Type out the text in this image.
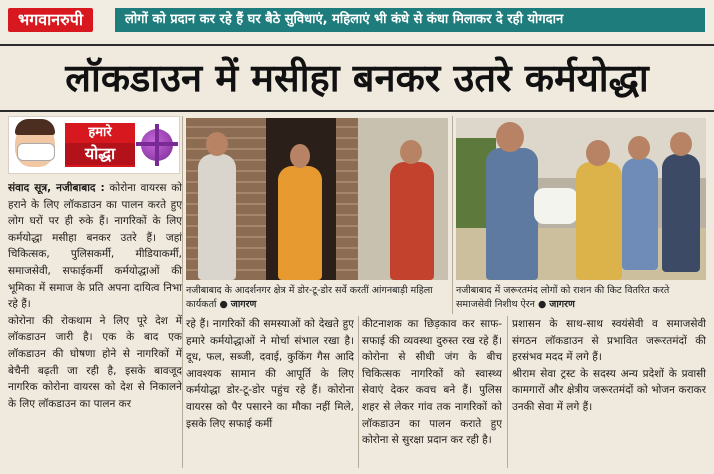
भगवानरुपी	लोगों को प्रदान कर रहे हैं घर बैठे सुविधाएं, महिलाएं भी कंधे से कंधा मिलाकर दे रही योगदान
लॉकडाउन में मसीहा बनकर उतरे कर्मयोद्धा
हमारे
योद्धा

संवाद सूत्र, नजीबाबाद : कोरोना वायरस को हराने के लिए लॉकडाउन का पालन करते हुए लोग घरों पर ही रुके हैं। नागरिकों के लिए कर्मयोद्धा मसीहा बनकर उतरे हैं। जहां चिकित्सक, पुलिसकर्मी, मीडियाकर्मी, समाजसेवी, सफाईकर्मी कर्मयोद्धाओं की भूमिका में समाज के प्रति अपना दायित्व निभा रहे हैं।

कोरोना की रोकथाम ने लिए पूरे देश में लॉकडाउन जारी है। एक के बाद एक लॉकडाउन की घोषणा होने से नागरिकों में बेचैनी बढ़ती जा रही है, इसके बावजूद नागरिक कोरोना वायरस को देश से निकालने के लिए लॉकडाउन का पालन कर

नजीबाबाद के आदर्शनगर क्षेत्र में डोर-टू-डोर सर्वे करतीं आंगनबाड़ी महिला कार्यकर्ता ● जागरण
नजीबाबाद में जरूरतमंद लोगों को राशन की किट वितरित करते समाजसेवी निशीथ ऐरन ● जागरण

रहे हैं। नागरिकों की समस्याओं को देखते हुए हमारे कर्मयोद्धाओं ने मोर्चा संभाल रखा है। दूध, फल, सब्जी, दवाई, कुकिंग गैस आदि आवश्यक सामान की आपूर्ति के लिए कर्मयोद्धा डोर-टू-डोर पहुंच रहे हैं। कोरोना वायरस को पैर पसारने का मौका नहीं मिले, इसके लिए सफाई कर्मी

कीटनाशक का छिड़काव कर साफ-सफाई की व्यवस्था दुरुस्त रख रहे हैं। कोरोना से सीधी जंग के बीच चिकित्सक नागरिकों को स्वास्थ्य सेवाएं देकर कवच बने हैं। पुलिस शहर से लेकर गांव तक नागरिकों को लॉकडाउन का पालन कराते हुए कोरोना से सुरक्षा प्रदान कर रही है।

प्रशासन के साथ-साथ स्वयंसेवी व समाजसेवी संगठन लॉकडाउन से प्रभावित जरूरतमंदों की हरसंभव मदद में लगे हैं।

श्रीराम सेवा ट्रस्ट के सदस्य अन्य प्रदेशों के प्रवासी कामगारों और क्षेत्रीय जरूरतमंदों को भोजन कराकर उनकी सेवा में लगे हैं।
